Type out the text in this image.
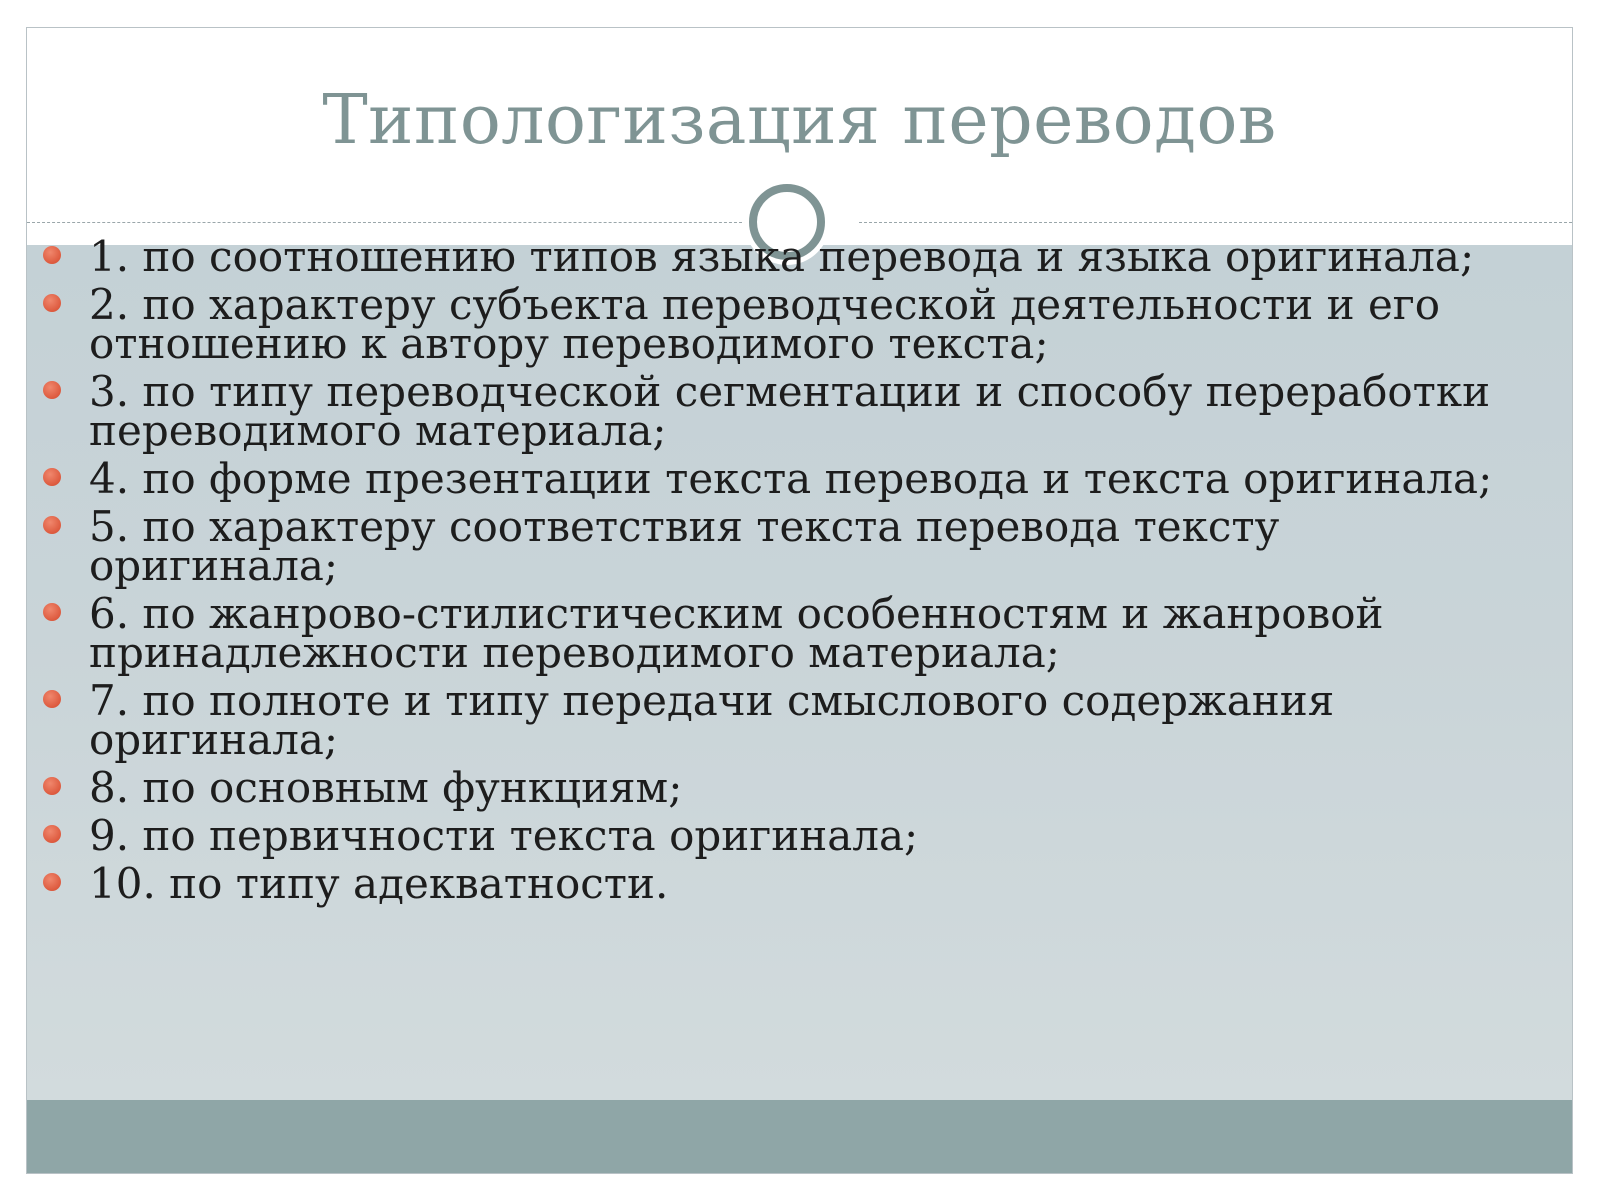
Типологизация переводов
1. по соотношению типов языка перевода и языка оригинала;
2. по характеру субъекта переводческой деятельности и его отношению к автору переводимого текста;
3. по типу переводческой сегментации и способу переработки переводимого материала;
4. по форме презентации текста перевода и текста оригинала;
5. по характеру соответствия текста перевода тексту оригинала;
6. по жанрово-стилистическим особенностям и жанровой принадлежности переводимого материала;
7. по полноте и типу передачи смыслового содержания оригинала;
8. по основным функциям;
9. по первичности текста оригинала;
10. по типу адекватности.
